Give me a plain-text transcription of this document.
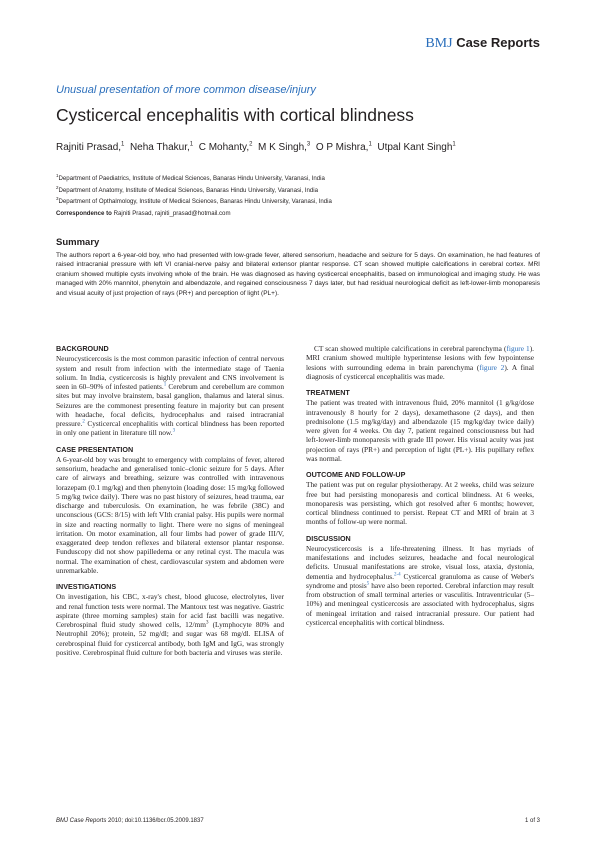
BMJ Case Reports
Unusual presentation of more common disease/injury
Cysticercal encephalitis with cortical blindness
Rajniti Prasad,$^1$ Neha Thakur,$^1$ C Mohanty,$^2$ M K Singh,$^3$ O P Mishra,$^1$ Utpal Kant Singh$^1$
$^1$Department of Paediatrics, Institute of Medical Sciences, Banaras Hindu University, Varanasi, India
$^2$Department of Anatomy, Institute of Medical Sciences, Banaras Hindu University, Varanasi, India
$^3$Department of Opthalmology, Institute of Medical Sciences, Banaras Hindu University, Varanasi, India
Correspondence to Rajniti Prasad, rajniti_prasad@hotmail.com
Summary

The authors report a 6-year-old boy, who had presented with low-grade fever, altered sensorium, headache and seizure for 5 days. On examination, he had features of raised intracranial pressure with left VI cranial-nerve palsy and bilateral extensor plantar response. CT scan showed multiple calcifications in cerebral cortex. MRI cranium showed multiple cysts involving whole of the brain. He was diagnosed as having cysticercal encephalitis, based on immunological and imaging study. He was managed with 20% mannitol, phenytoin and albendazole, and regained consciousness 7 days later, but had residual neurological deficit as left-lower-limb monoparesis and visual acuity of just projection of rays (PR+) and perception of light (PL+).

BACKGROUND

Neurocysticercosis is the most common parasitic infection of central nervous system and result from infection with the intermediate stage of Taenia solium. In India, cysticercosis is highly prevalent and CNS involvement is seen in 60–90% of infested patients.$^1$ Cerebrum and cerebellum are common sites but may involve brainstem, basal ganglion, thalamus and lateral sinus. Seizures are the commonest presenting feature in majority but can present with headache, focal deficits, hydrocephalus and raised intracranial pressure.$^2$ Cysticercal encephalitis with cortical blindness has been reported in only one patient in literature till now.$^3$

CASE PRESENTATION

A 6-year-old boy was brought to emergency with complains of fever, altered sensorium, headache and generalised tonic–clonic seizure for 5 days. After care of airways and breathing, seizure was controlled with intravenous lorazepam (0.1 mg/kg) and then phenytoin (loading dose: 15 mg/kg followed 5 mg/kg twice daily). There was no past history of seizures, head trauma, ear discharge and tuberculosis. On examination, he was febrile (38C) and unconscious (GCS: 8/15) with left VIth cranial palsy. His pupils were normal in size and reacting normally to light. There were no signs of meningeal irritation. On motor examination, all four limbs had power of grade III/V, exaggerated deep tendon reflexes and bilateral extensor plantar response. Funduscopy did not show papilledema or any retinal cyst. The macula was normal. The examination of chest, cardiovascular system and abdomen were unremarkable.

INVESTIGATIONS

On investigation, his CBC, x-ray's chest, blood glucose, electrolytes, liver and renal function tests were normal. The Mantoux test was negative. Gastric aspirate (three morning samples) stain for acid fast bacilli was negative. Cerebrospinal fluid study showed cells, $12/mm^3$ (Lymphocyte 80% and Neutrophil 20%); protein, 52 mg/dl; and sugar was 68 mg/dl. ELISA of cerebrospinal fluid for cysticercal antibody, both IgM and IgG, was strongly positive. Cerebrospinal fluid culture for both bacteria and viruses was sterile.

CT scan showed multiple calcifications in cerebral parenchyma (figure 1). MRI cranium showed multiple hyperintense lesions with few hypointense lesions with surrounding edema in brain parenchyma (figure 2). A final diagnosis of cysticercal encephalitis was made.

TREATMENT

The patient was treated with intravenous fluid, 20% mannitol (1 g/kg/dose intravenously 8 hourly for 2 days), dexamethasone (2 days), and then prednisolone (1.5 mg/kg/day) and albendazole (15 mg/kg/day twice daily) were given for 4 weeks. On day 7, patient regained consciousness but had left-lower-limb monoparesis with grade III power. His visual acuity was just projection of rays (PR+) and perception of light (PL+). His pupillary reflex was normal.

OUTCOME AND FOLLOW-UP

The patient was put on regular physiotherapy. At 2 weeks, child was seizure free but had persisting monoparesis and cortical blindness. At 6 weeks, monoparesis was persisting, which got resolved after 6 months; however, cortical blindness continued to persist. Repeat CT and MRI of brain at 3 months of follow-up were normal.

DISCUSSION

Neurocysticercosis is a life-threatening illness. It has myriads of manifestations and includes seizures, headache and focal neurological deficits. Unusual manifestations are stroke, visual loss, ataxia, dystonia, dementia and hydrocephalus.$^{2-4}$ Cysticercal granuloma as cause of Weber's syndrome and ptosis$^5$ have also been reported. Cerebral infarction may result from obstruction of small terminal arteries or vasculitis. Intraventricular (5–10%) and meningeal cysticercosis are associated with hydrocephalus, signs of meningeal irritation and raised intracranial pressure. Our patient had cysticercal encephalitis with cortical blindness.

BMJ Case Reports 2010; doi:10.1136/bcr.05.2009.1837	1 of 3
